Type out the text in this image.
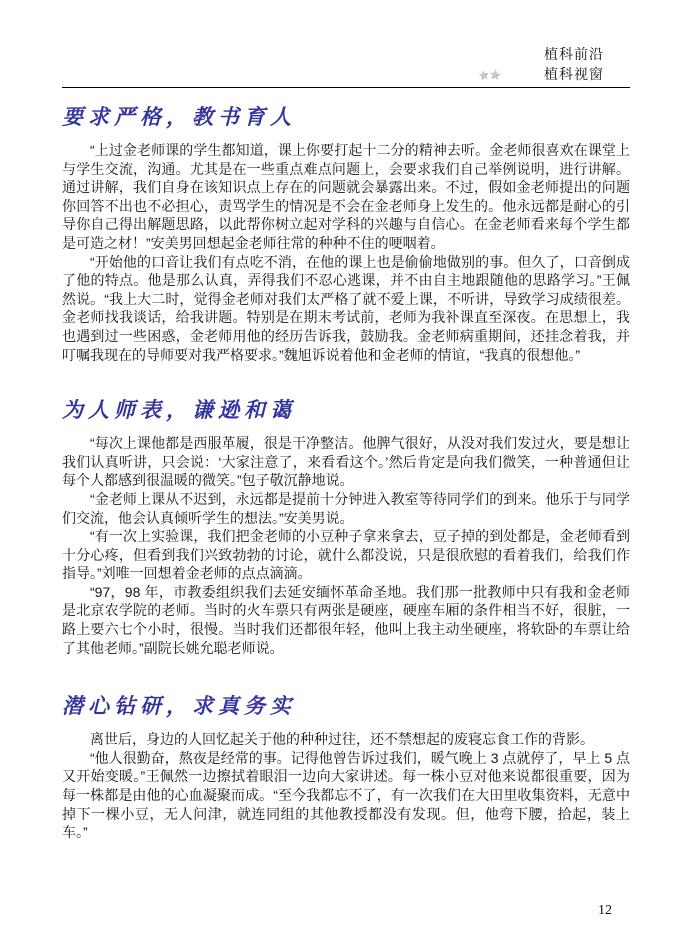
植科前沿
★★	植科视窗
要求严格，教书育人

“上过金老师课的学生都知道，课上你要打起十二分的精神去听。金老师很喜欢在课堂上与学生交流，沟通。尤其是在一些重点难点问题上，会要求我们自己举例说明，进行讲解。通过讲解，我们自身在该知识点上存在的问题就会暴露出来。不过，假如金老师提出的问题你回答不出也不必担心，责骂学生的情况是不会在金老师身上发生的。他永远都是耐心的引导你自己得出解题思路，以此帮你树立起对学科的兴趣与自信心。在金老师看来每个学生都是可造之材！”安美男回想起金老师往常的种种不住的哽咽着。

“开始他的口音让我们有点吃不消，在他的课上也是偷偷地做别的事。但久了，口音倒成了他的特点。他是那么认真，弄得我们不忍心逃课，并不由自主地跟随他的思路学习。”王佩然说。“我上大二时，觉得金老师对我们太严格了就不爱上课，不听讲，导致学习成绩很差。金老师找我谈话，给我讲题。特别是在期末考试前，老师为我补课直至深夜。在思想上，我也遇到过一些困惑，金老师用他的经历告诉我，鼓励我。金老师病重期间，还挂念着我，并叮嘱我现在的导师要对我严格要求。”魏旭诉说着他和金老师的情谊，“我真的很想他。”

为人师表，谦逊和蔼

“每次上课他都是西服革履，很是干净整洁。他脾气很好，从没对我们发过火，要是想让我们认真听讲，只会说：‘大家注意了，来看看这个。’然后肯定是向我们微笑，一种普通但让每个人都感到很温暖的微笑。”包子敬沉静地说。

“金老师上课从不迟到，永远都是提前十分钟进入教室等待同学们的到来。他乐于与同学们交流，他会认真倾听学生的想法。”安美男说。

“有一次上实验课，我们把金老师的小豆种子拿来拿去，豆子掉的到处都是，金老师看到十分心疼，但看到我们兴致勃勃的讨论，就什么都没说，只是很欣慰的看着我们，给我们作指导。”刘唯一回想着金老师的点点滴滴。

“97，98 年，市教委组织我们去延安缅怀革命圣地。我们那一批教师中只有我和金老师是北京农学院的老师。当时的火车票只有两张是硬座，硬座车厢的条件相当不好，很脏，一路上要六七个小时，很慢。当时我们还都很年轻，他叫上我主动坐硬座，将软卧的车票让给了其他老师。”副院长姚允聪老师说。

潜心钻研，求真务实

离世后，身边的人回忆起关于他的种种过往，还不禁想起的废寝忘食工作的背影。

“他人很勤奋，熬夜是经常的事。记得他曾告诉过我们，暖气晚上 3 点就停了，早上 5 点又开始变暖。”王佩然一边擦拭着眼泪一边向大家讲述。每一株小豆对他来说都很重要，因为每一株都是由他的心血凝聚而成。“至今我都忘不了，有一次我们在大田里收集资料，无意中掉下一棵小豆，无人问津，就连同组的其他教授都没有发现。但，他弯下腰，拾起，装上车。”

12
